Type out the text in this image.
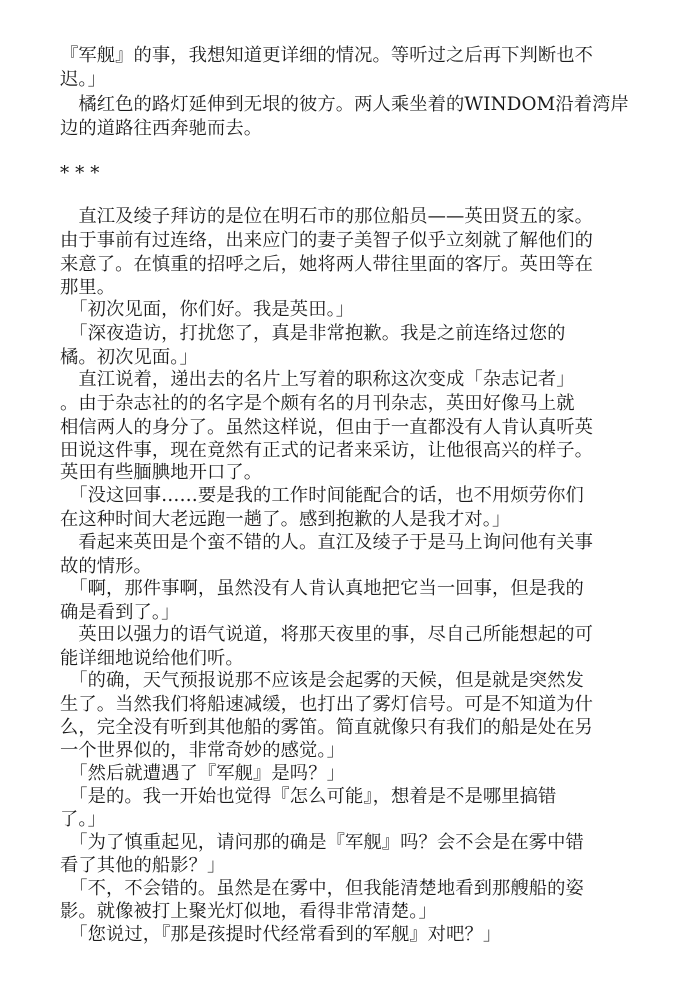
『军舰』的事，我想知道更详细的情况。等听过之后再下判断也不
迟。」
　橘红色的路灯延伸到无垠的彼方。两人乘坐着的WINDOM沿着湾岸
边的道路往西奔驰而去。
* * *
　直江及绫子拜访的是位在明石市的那位船员——英田贤五的家。
由于事前有过连络，出来应门的妻子美智子似乎立刻就了解他们的
来意了。在慎重的招呼之后，她将两人带往里面的客厅。英田等在
那里。
　「初次见面，你们好。我是英田。」
　「深夜造访，打扰您了，真是非常抱歉。我是之前连络过您的
橘。初次见面。」
　直江说着，递出去的名片上写着的职称这次变成「杂志记者」
。由于杂志社的的名字是个颇有名的月刊杂志，英田好像马上就
相信两人的身分了。虽然这样说，但由于一直都没有人肯认真听英
田说这件事，现在竟然有正式的记者来采访，让他很高兴的样子。
英田有些腼腆地开口了。
　「没这回事……要是我的工作时间能配合的话，也不用烦劳你们
在这种时间大老远跑一趟了。感到抱歉的人是我才对。」
　看起来英田是个蛮不错的人。直江及绫子于是马上询问他有关事
故的情形。
　「啊，那件事啊，虽然没有人肯认真地把它当一回事，但是我的
确是看到了。」
　英田以强力的语气说道，将那天夜里的事，尽自己所能想起的可
能详细地说给他们听。
　「的确，天气预报说那不应该是会起雾的天候，但是就是突然发
生了。当然我们将船速减缓，也打出了雾灯信号。可是不知道为什
么，完全没有听到其他船的雾笛。简直就像只有我们的船是处在另
一个世界似的，非常奇妙的感觉。」
　「然后就遭遇了『军舰』是吗？」
　「是的。我一开始也觉得『怎么可能』，想着是不是哪里搞错
了。」
　「为了慎重起见，请问那的确是『军舰』吗？会不会是在雾中错
看了其他的船影？」
　「不，不会错的。虽然是在雾中，但我能清楚地看到那艘船的姿
影。就像被打上聚光灯似地，看得非常清楚。」
　「您说过，『那是孩提时代经常看到的军舰』对吧？」
